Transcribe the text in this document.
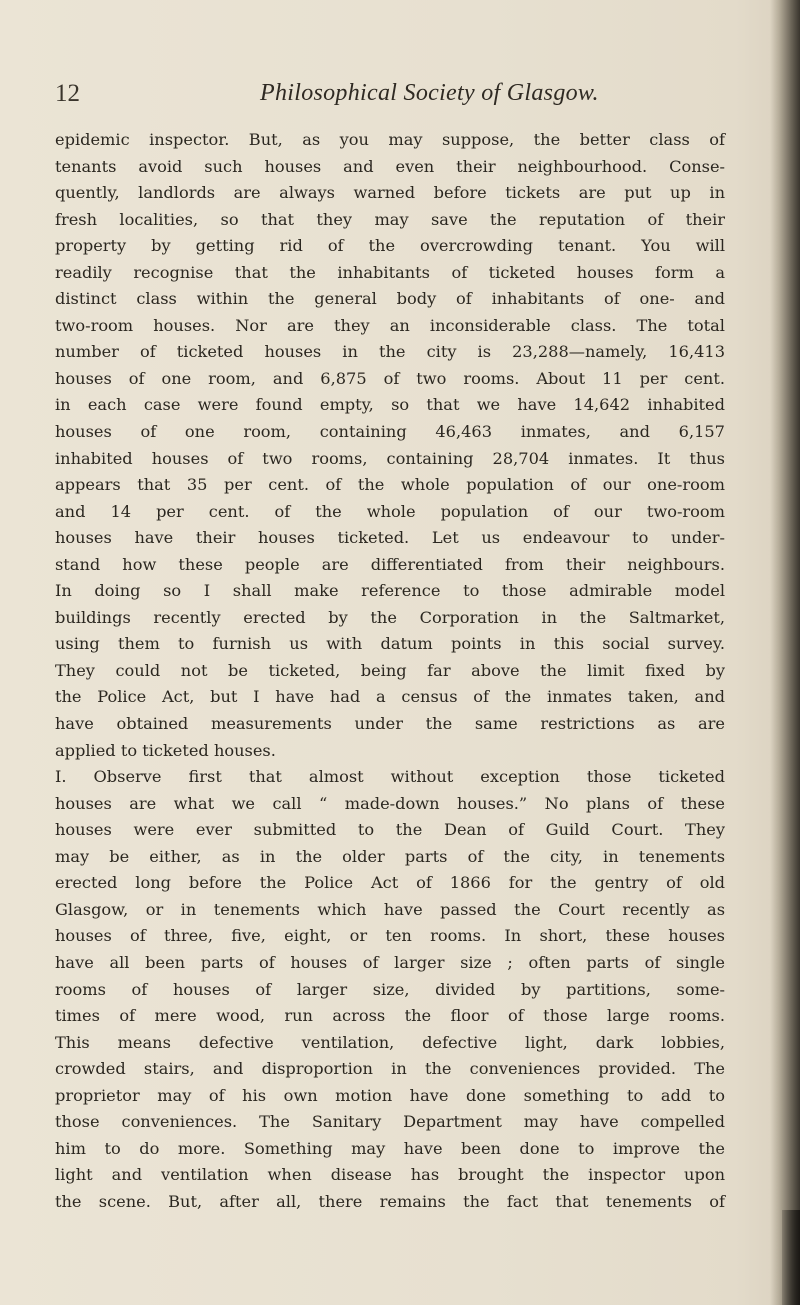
12	Philosophical Society of Glasgow.
epidemic inspector. But, as you may suppose, the better class of
tenants avoid such houses and even their neighbourhood. Conse-
quently, landlords are always warned before tickets are put up in
fresh localities, so that they may save the reputation of their
property by getting rid of the overcrowding tenant. You will
readily recognise that the inhabitants of ticketed houses form a
distinct class within the general body of inhabitants of one- and
two-room houses. Nor are they an inconsiderable class. The total
number of ticketed houses in the city is 23,288—namely, 16,413
houses of one room, and 6,875 of two rooms. About 11 per cent.
in each case were found empty, so that we have 14,642 inhabited
houses of one room, containing 46,463 inmates, and 6,157
inhabited houses of two rooms, containing 28,704 inmates. It thus
appears that 35 per cent. of the whole population of our one-room
and 14 per cent. of the whole population of our two-room
houses have their houses ticketed. Let us endeavour to under-
stand how these people are differentiated from their neighbours.
In doing so I shall make reference to those admirable model
buildings recently erected by the Corporation in the Saltmarket,
using them to furnish us with datum points in this social survey.
They could not be ticketed, being far above the limit fixed by
the Police Act, but I have had a census of the inmates taken, and
have obtained measurements under the same restrictions as are
applied to ticketed houses.
I. Observe first that almost without exception those ticketed
houses are what we call “ made-down houses.” No plans of these
houses were ever submitted to the Dean of Guild Court. They
may be either, as in the older parts of the city, in tenements
erected long before the Police Act of 1866 for the gentry of old
Glasgow, or in tenements which have passed the Court recently as
houses of three, five, eight, or ten rooms. In short, these houses
have all been parts of houses of larger size ; often parts of single
rooms of houses of larger size, divided by partitions, some-
times of mere wood, run across the floor of those large rooms.
This means defective ventilation, defective light, dark lobbies,
crowded stairs, and disproportion in the conveniences provided. The
proprietor may of his own motion have done something to add to
those conveniences. The Sanitary Department may have compelled
him to do more. Something may have been done to improve the
light and ventilation when disease has brought the inspector upon
the scene. But, after all, there remains the fact that tenements of
